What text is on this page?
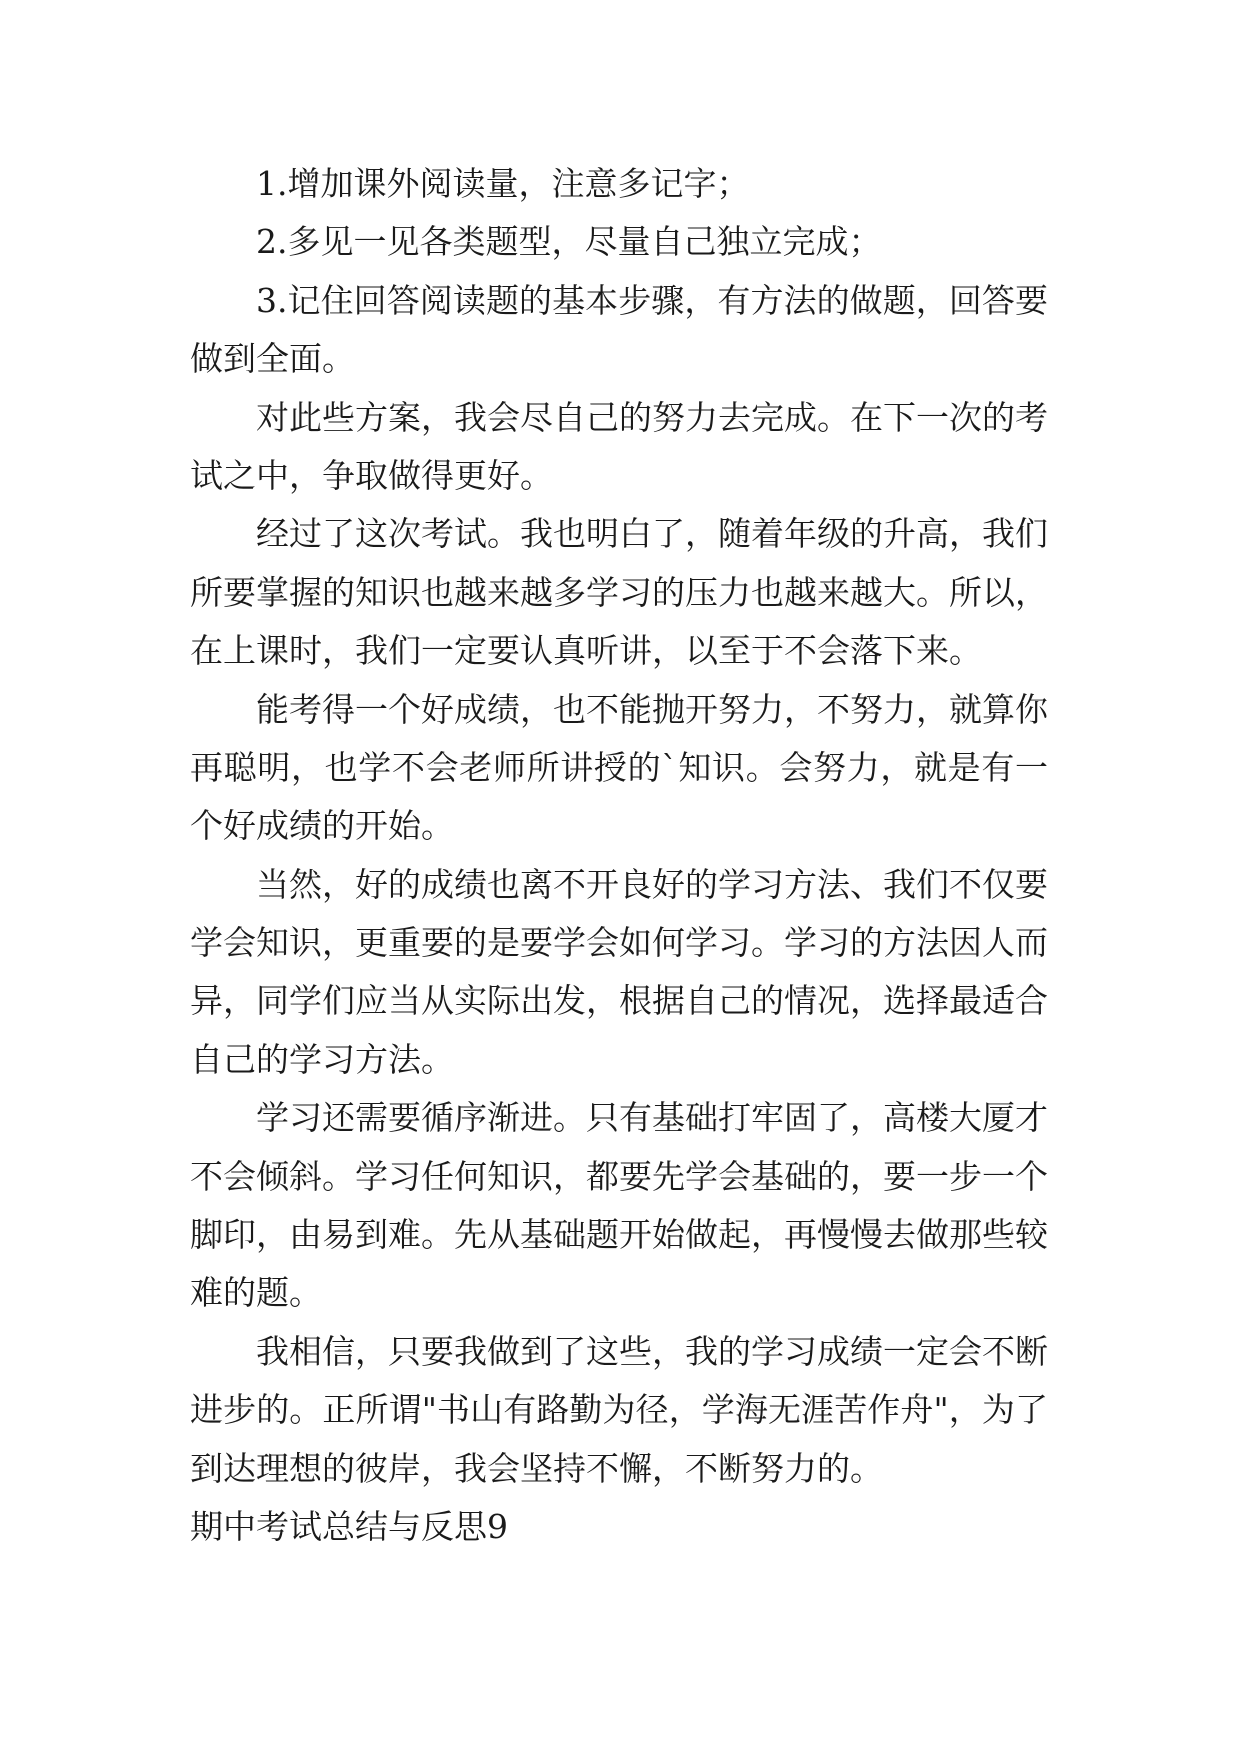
1.增加课外阅读量，注意多记字；
2.多见一见各类题型，尽量自己独立完成；
3.记住回答阅读题的基本步骤，有方法的做题，回答要
做到全面。
对此些方案，我会尽自己的努力去完成。在下一次的考
试之中，争取做得更好。
经过了这次考试。我也明白了，随着年级的升高，我们
所要掌握的知识也越来越多学习的压力也越来越大。所以，
在上课时，我们一定要认真听讲，以至于不会落下来。
能考得一个好成绩，也不能抛开努力，不努力，就算你
再聪明，也学不会老师所讲授的`知识。会努力，就是有一
个好成绩的开始。
当然，好的成绩也离不开良好的学习方法、我们不仅要
学会知识，更重要的是要学会如何学习。学习的方法因人而
异，同学们应当从实际出发，根据自己的情况，选择最适合
自己的学习方法。
学习还需要循序渐进。只有基础打牢固了，高楼大厦才
不会倾斜。学习任何知识，都要先学会基础的，要一步一个
脚印，由易到难。先从基础题开始做起，再慢慢去做那些较
难的题。
我相信，只要我做到了这些，我的学习成绩一定会不断
进步的。正所谓"书山有路勤为径，学海无涯苦作舟"，为了
到达理想的彼岸，我会坚持不懈，不断努力的。
期中考试总结与反思9
